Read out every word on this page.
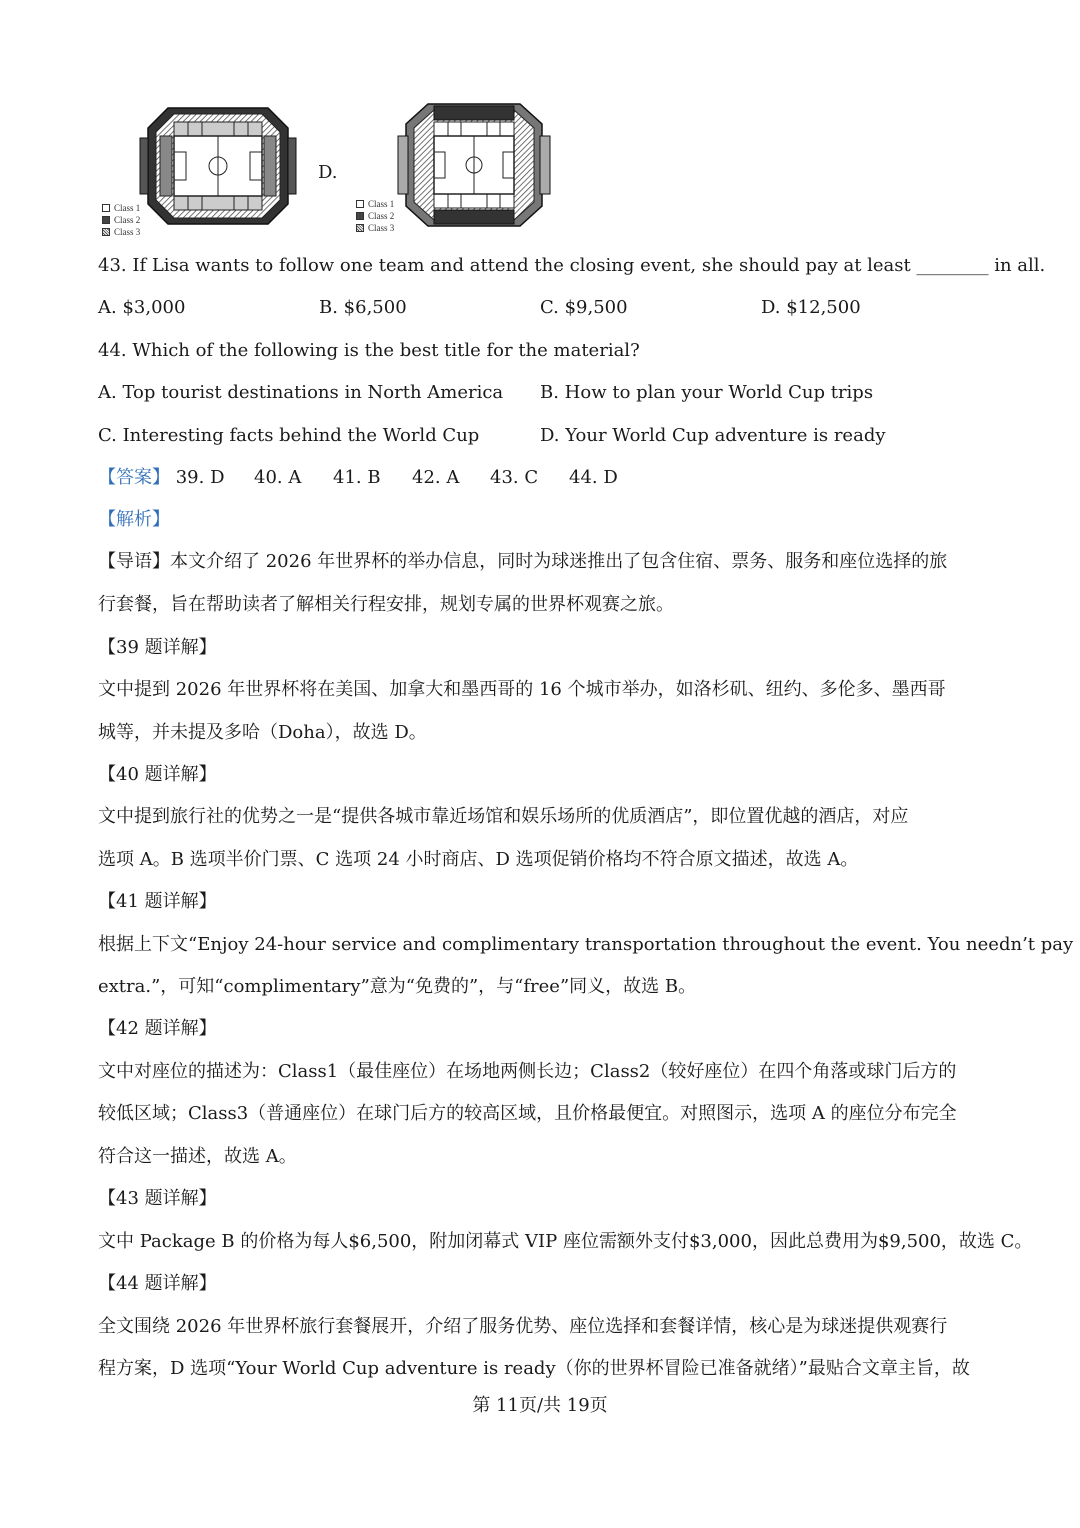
Class 1
Class 2
Class 3
D.
Class 1
Class 2
Class 3
43. If Lisa wants to follow one team and attend the closing event, she should pay at least ________ in all.
A. $3,000	B. $6,500	C. $9,500	D. $12,500
44. Which of the following is the best title for the material?
A. Top tourist destinations in North America B. How to plan your World Cup trips
C. Interesting facts behind the World Cup	D. Your World Cup adventure is ready
【答案】 39. D 40. A 41. B 42. A 43. C 44. D
【解析】
【导语】本文介绍了 2026 年世界杯的举办信息，同时为球迷推出了包含住宿、票务、服务和座位选择的旅
行套餐，旨在帮助读者了解相关行程安排，规划专属的世界杯观赛之旅。
【39 题详解】
文中提到 2026 年世界杯将在美国、加拿大和墨西哥的 16 个城市举办，如洛杉矶、纽约、多伦多、墨西哥
城等，并未提及多哈（Doha），故选 D。
【40 题详解】
文中提到旅行社的优势之一是“提供各城市靠近场馆和娱乐场所的优质酒店”，即位置优越的酒店，对应
选项 A。B 选项半价门票、C 选项 24 小时商店、D 选项促销价格均不符合原文描述，故选 A。
【41 题详解】
根据上下文“Enjoy 24-hour service and complimentary transportation throughout the event. You needn’t pay
extra.”，可知“complimentary”意为“免费的”，与“free”同义，故选 B。
【42 题详解】
文中对座位的描述为：Class1（最佳座位）在场地两侧长边；Class2（较好座位）在四个角落或球门后方的
较低区域；Class3（普通座位）在球门后方的较高区域，且价格最便宜。对照图示，选项 A 的座位分布完全
符合这一描述，故选 A。
【43 题详解】
文中 Package B 的价格为每人$6,500，附加闭幕式 VIP 座位需额外支付$3,000，因此总费用为$9,500，故选 C。
【44 题详解】
全文围绕 2026 年世界杯旅行套餐展开，介绍了服务优势、座位选择和套餐详情，核心是为球迷提供观赛行
程方案，D 选项“Your World Cup adventure is ready（你的世界杯冒险已准备就绪）”最贴合文章主旨，故
第 11页/共 19页
